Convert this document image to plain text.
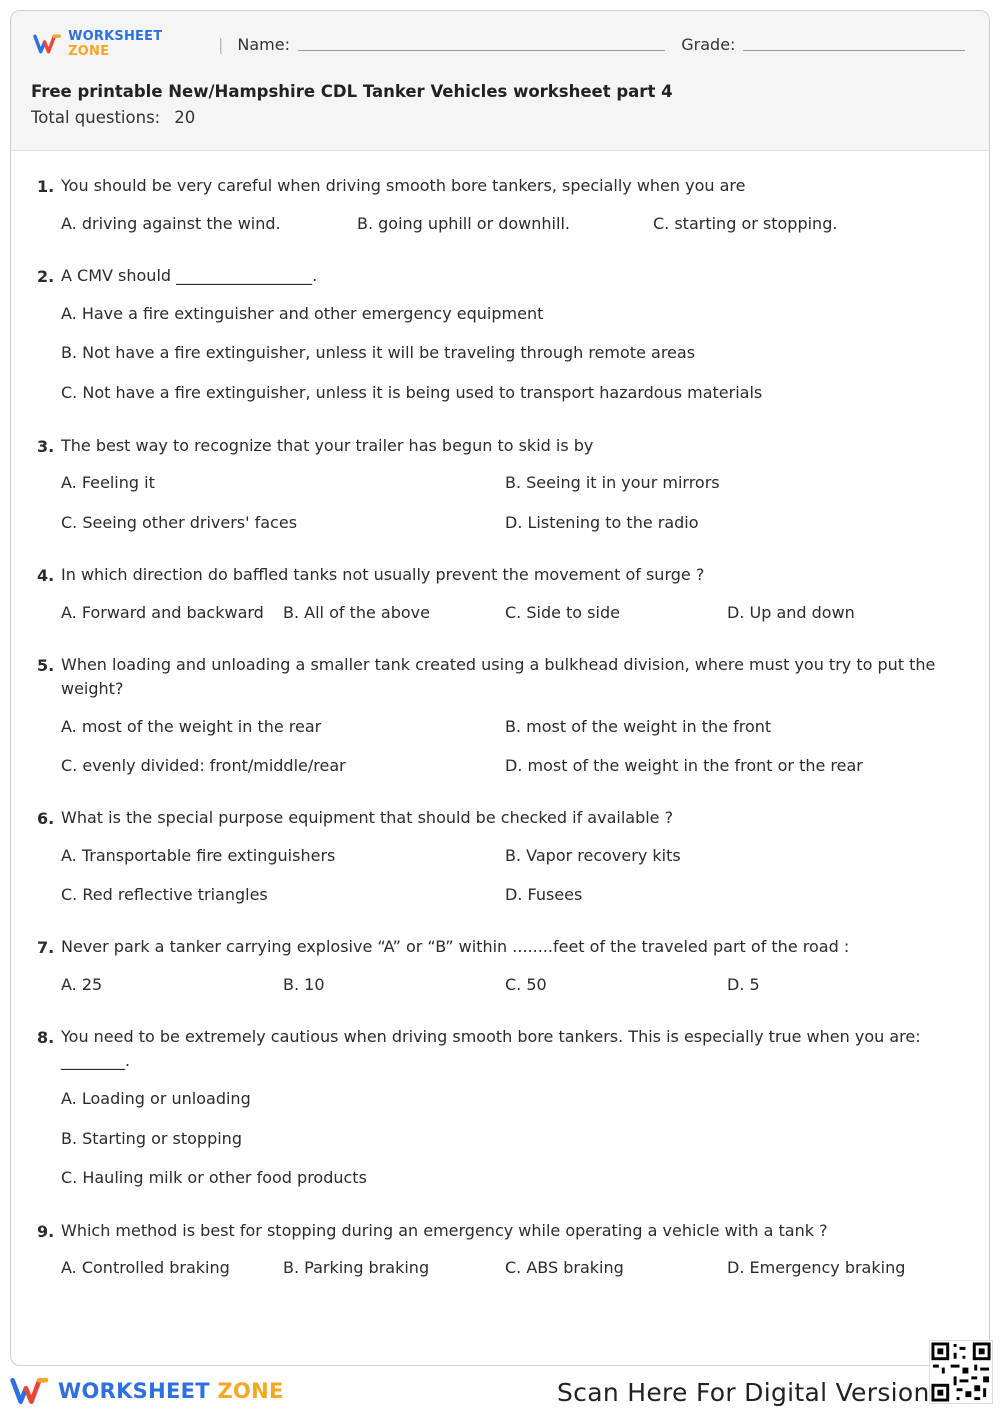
WORKSHEET ZONE	| Name:	Grade:
Free printable New/Hampshire CDL Tanker Vehicles worksheet part 4
Total questions: 20
1. You should be very careful when driving smooth bore tankers, specially when you are
A. driving against the wind.	B. going uphill or downhill.	C. starting or stopping.
2. A CMV should _________________.
A. Have a fire extinguisher and other emergency equipment
B. Not have a fire extinguisher, unless it will be traveling through remote areas
C. Not have a fire extinguisher, unless it is being used to transport hazardous materials
3. The best way to recognize that your trailer has begun to skid is by
A. Feeling it	B. Seeing it in your mirrors
C. Seeing other drivers' faces	D. Listening to the radio
4. In which direction do baffled tanks not usually prevent the movement of surge ?
A. Forward and backward B. All of the above	C. Side to side	D. Up and down
5. When loading and unloading a smaller tank created using a bulkhead division, where must you try to put the weight?
A. most of the weight in the rear	B. most of the weight in the front
C. evenly divided: front/middle/rear	D. most of the weight in the front or the rear
6. What is the special purpose equipment that should be checked if available ?
A. Transportable fire extinguishers	B. Vapor recovery kits
C. Red reflective triangles	D. Fusees
7. Never park a tanker carrying explosive “A” or “B” within ........feet of the traveled part of the road :
A. 25	B. 10	C. 50	D. 5
8. You need to be extremely cautious when driving smooth bore tankers. This is especially true when you are: ________.
A. Loading or unloading
B. Starting or stopping
C. Hauling milk or other food products
9. Which method is best for stopping during an emergency while operating a vehicle with a tank ?
A. Controlled braking	B. Parking braking	C. ABS braking	D. Emergency braking
WORKSHEET ZONE	Scan Here For Digital Version
